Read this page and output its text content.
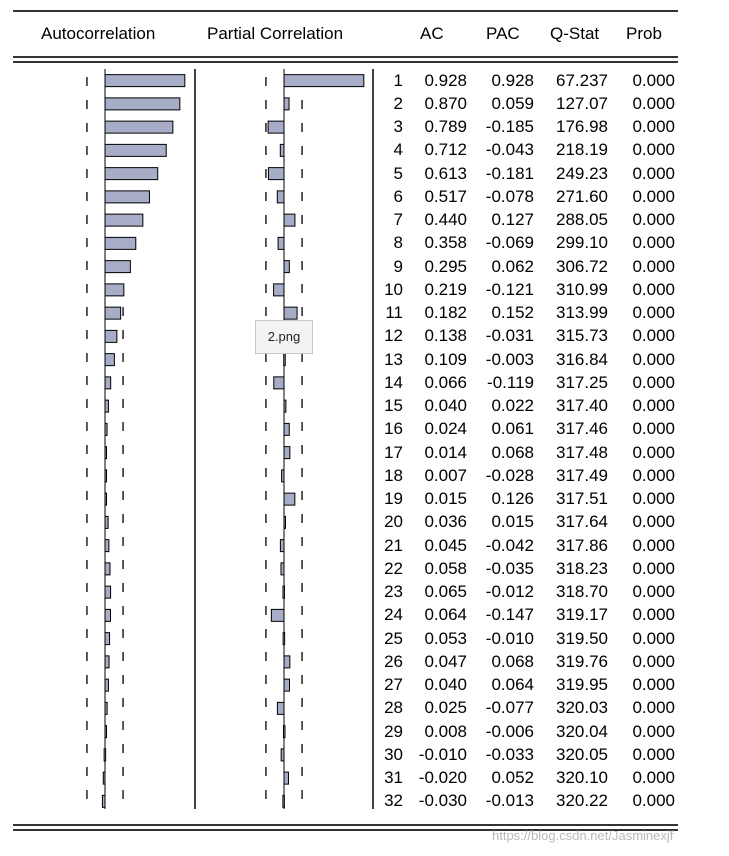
Autocorrelation	Partial Correlation	AC PAC Q-Stat Prob
1 0.928 0.928 67.237 0.000
2 0.870 0.059 127.07 0.000
3 0.789 -0.185 176.98 0.000
4 0.712 -0.043 218.19 0.000
5 0.613 -0.181 249.23 0.000
6 0.517 -0.078 271.60 0.000
7 0.440 0.127 288.05 0.000
8 0.358 -0.069 299.10 0.000
9 0.295 0.062 306.72 0.000
10 0.219 -0.121 310.99 0.000
11 0.182 0.152 313.99 0.000
12 0.138 -0.031 315.73 0.000
13 0.109 -0.003 316.84 0.000
14 0.066 -0.119 317.25 0.000
15 0.040 0.022 317.40 0.000
16 0.024 0.061 317.46 0.000
17 0.014 0.068 317.48 0.000
18 0.007 -0.028 317.49 0.000
19 0.015 0.126 317.51 0.000
20 0.036 0.015 317.64 0.000
21 0.045 -0.042 317.86 0.000
22 0.058 -0.035 318.23 0.000
23 0.065 -0.012 318.70 0.000
24 0.064 -0.147 319.17 0.000
25 0.053 -0.010 319.50 0.000
26 0.047 0.068 319.76 0.000
27 0.040 0.064 319.95 0.000
28 0.025 -0.077 320.03 0.000
29 0.008 -0.006 320.04 0.000
30 -0.010 -0.033 320.05 0.000
31 -0.020 0.052 320.10 0.000
32 -0.030 -0.013 320.22 0.000
2.png
https://blog.csdn.net/Jasminexjf
